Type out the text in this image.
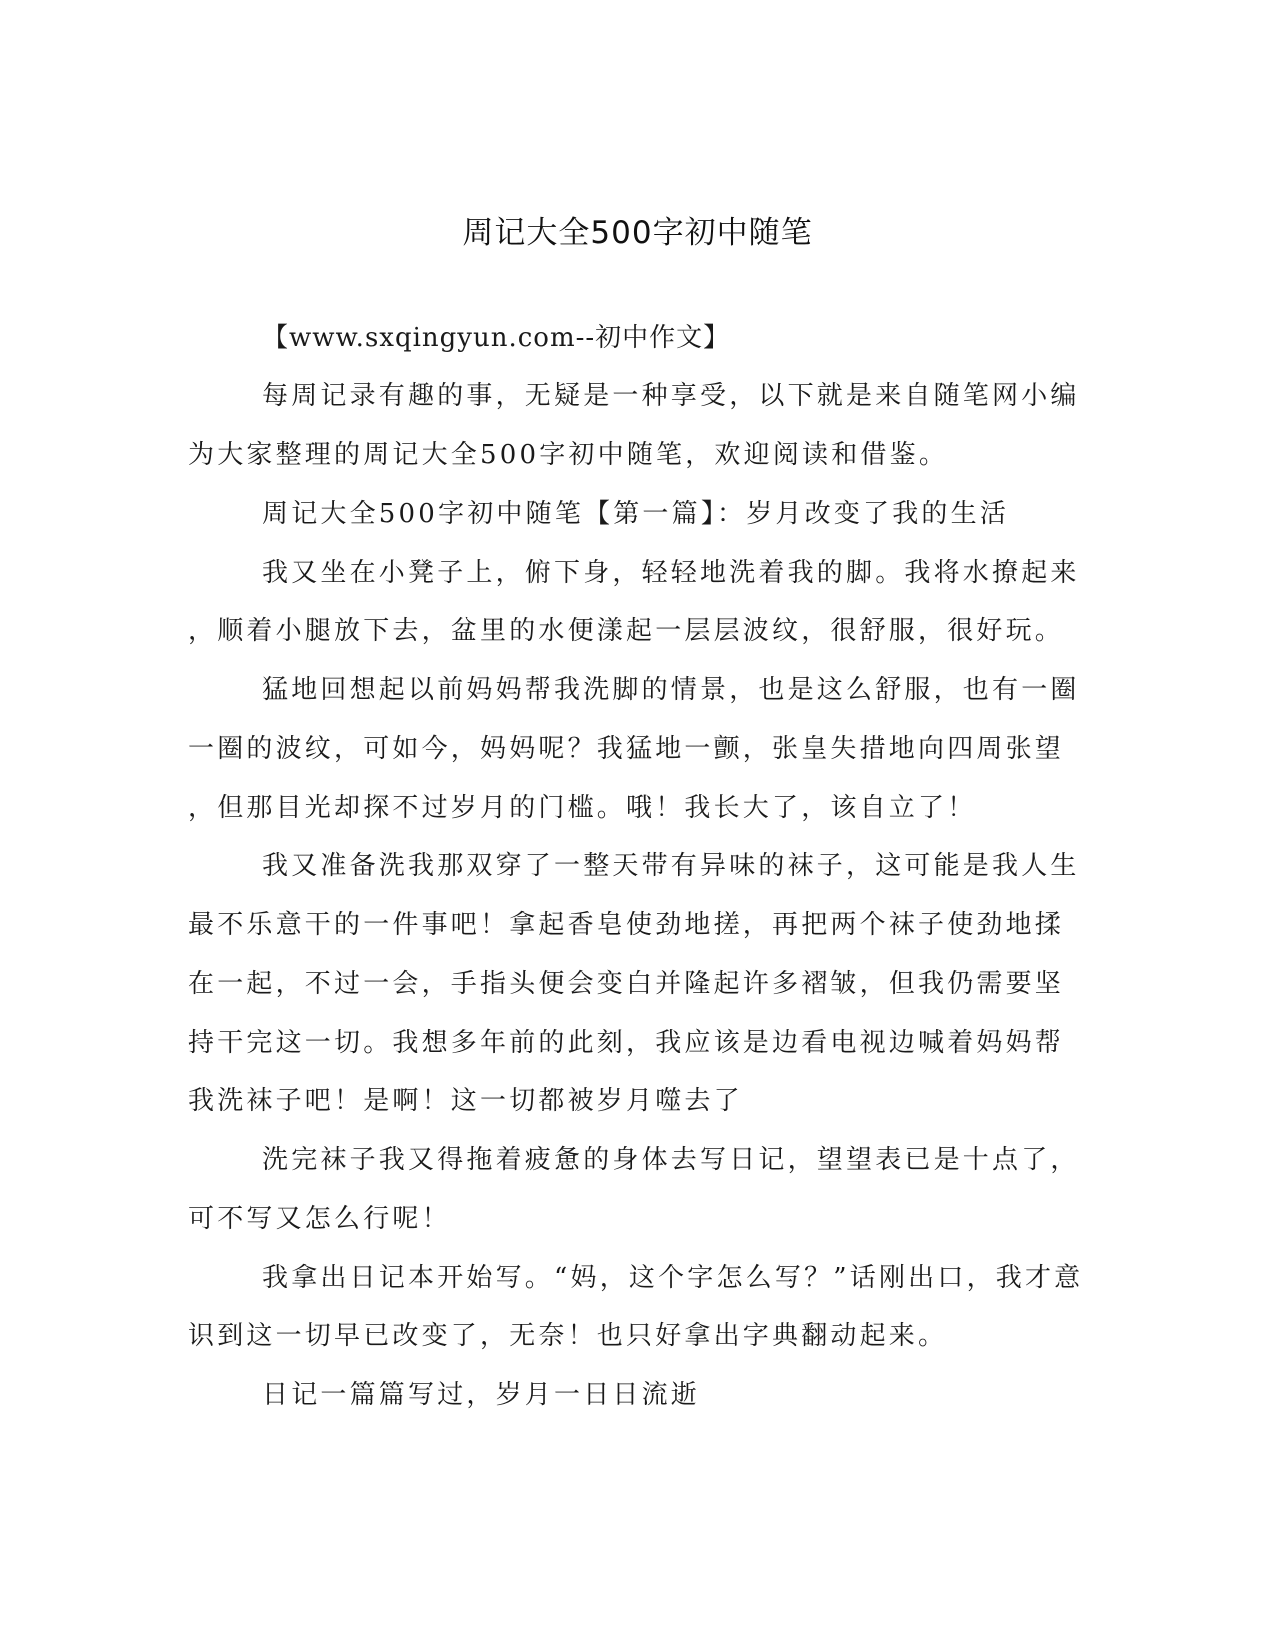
周记大全500字初中随笔
【www.sxqingyun.com--初中作文】
每周记录有趣的事，无疑是一种享受，以下就是来自随笔网小编
为大家整理的周记大全500字初中随笔，欢迎阅读和借鉴。
周记大全500字初中随笔【第一篇】：岁月改变了我的生活
我又坐在小凳子上，俯下身，轻轻地洗着我的脚。我将水撩起来
，顺着小腿放下去，盆里的水便漾起一层层波纹，很舒服，很好玩。
猛地回想起以前妈妈帮我洗脚的情景，也是这么舒服，也有一圈
一圈的波纹，可如今，妈妈呢？我猛地一颤，张皇失措地向四周张望
，但那目光却探不过岁月的门槛。哦！我长大了，该自立了！
我又准备洗我那双穿了一整天带有异味的袜子，这可能是我人生
最不乐意干的一件事吧！拿起香皂使劲地搓，再把两个袜子使劲地揉
在一起，不过一会，手指头便会变白并隆起许多褶皱，但我仍需要坚
持干完这一切。我想多年前的此刻，我应该是边看电视边喊着妈妈帮
我洗袜子吧！是啊！这一切都被岁月噬去了
洗完袜子我又得拖着疲惫的身体去写日记，望望表已是十点了，
可不写又怎么行呢！
我拿出日记本开始写。“妈，这个字怎么写？”话刚出口，我才意
识到这一切早已改变了，无奈！也只好拿出字典翻动起来。
日记一篇篇写过，岁月一日日流逝
